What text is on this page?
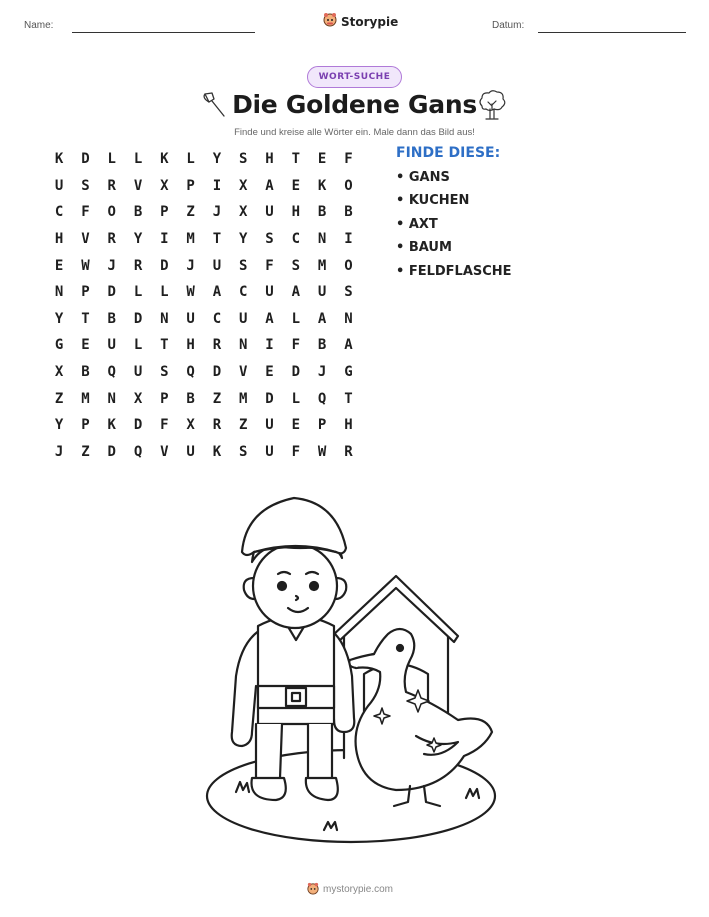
Name:	Storypie	Datum:
WORT-SUCHE
Die Goldene Gans
Finde und kreise alle Wörter ein. Male dann das Bild aus!
K	D	L	L	K	L	Y	S	H	T	E	F
U	S	R	V	X	P	I	X	A	E	K	O
C	F	O	B	P	Z	J	X	U	H	B	B
H	V	R	Y	I	M	T	Y	S	C	N	I
E	W	J	R	D	J	U	S	F	S	M	O
N	P	D	L	L	W	A	C	U	A	U	S
Y	T	B	D	N	U	C	U	A	L	A	N
G	E	U	L	T	H	R	N	I	F	B	A
X	B	Q	U	S	Q	D	V	E	D	J	G
Z	M	N	X	P	B	Z	M	D	L	Q	T
Y	P	K	D	F	X	R	Z	U	E	P	H
J	Z	D	Q	V	U	K	S	U	F	W	R
FINDE DIESE:
• GANS
• KUCHEN
• AXT
• BAUM
• FELDFLASCHE
mystorypie.com
